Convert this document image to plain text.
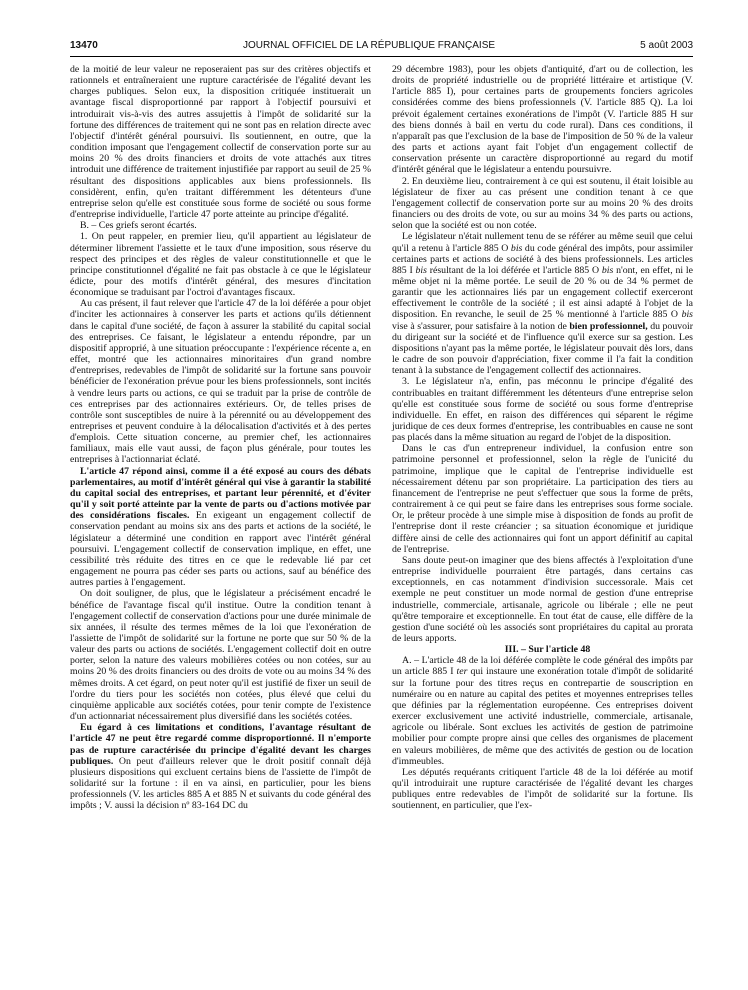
13470	JOURNAL OFFICIEL DE LA RÉPUBLIQUE FRANÇAISE	5 août 2003

de la moitié de leur valeur ne reposeraient pas sur des critères objectifs et rationnels et entraîneraient une rupture caractérisée de l'égalité devant les charges publiques. Selon eux, la disposition critiquée instituerait un avantage fiscal disproportionné par rapport à l'objectif poursuivi et introduirait vis-à-vis des autres assujettis à l'impôt de solidarité sur la fortune des différences de traitement qui ne sont pas en relation directe avec l'objectif d'intérêt général poursuivi. Ils soutiennent, en outre, que la condition imposant que l'engagement collectif de conservation porte sur au moins 20 % des droits financiers et droits de vote attachés aux titres introduit une différence de traitement injustifiée par rapport au seuil de 25 % résultant des dispositions applicables aux biens professionnels. Ils considèrent, enfin, qu'en traitant différemment les détenteurs d'une entreprise selon qu'elle est constituée sous forme de société ou sous forme d'entreprise individuelle, l'article 47 porte atteinte au principe d'égalité.

B. – Ces griefs seront écartés.

1. On peut rappeler, en premier lieu, qu'il appartient au législateur de déterminer librement l'assiette et le taux d'une imposition, sous réserve du respect des principes et des règles de valeur constitutionnelle et que le principe constitutionnel d'égalité ne fait pas obstacle à ce que le législateur édicte, pour des motifs d'intérêt général, des mesures d'incitation économique se traduisant par l'octroi d'avantages fiscaux.

Au cas présent, il faut relever que l'article 47 de la loi déférée a pour objet d'inciter les actionnaires à conserver les parts et actions qu'ils détiennent dans le capital d'une société, de façon à assurer la stabilité du capital social des entreprises. Ce faisant, le législateur a entendu répondre, par un dispositif approprié, à une situation préoccupante : l'expérience récente a, en effet, montré que les actionnaires minoritaires d'un grand nombre d'entreprises, redevables de l'impôt de solidarité sur la fortune sans pouvoir bénéficier de l'exonération prévue pour les biens professionnels, sont incités à vendre leurs parts ou actions, ce qui se traduit par la prise de contrôle de ces entreprises par des actionnaires extérieurs. Or, de telles prises de contrôle sont susceptibles de nuire à la pérennité ou au développement des entreprises et peuvent conduire à la délocalisation d'activités et à des pertes d'emplois. Cette situation concerne, au premier chef, les actionnaires familiaux, mais elle vaut aussi, de façon plus générale, pour toutes les entreprises à l'actionnariat éclaté.

L'article 47 répond ainsi, comme il a été exposé au cours des débats parlementaires, au motif d'intérêt général qui vise à garantir la stabilité du capital social des entreprises, et partant leur pérennité, et d'éviter qu'il y soit porté atteinte par la vente de parts ou d'actions motivée par des considérations fiscales. En exigeant un engagement collectif de conservation pendant au moins six ans des parts et actions de la société, le législateur a déterminé une condition en rapport avec l'intérêt général poursuivi. L'engagement collectif de conservation implique, en effet, une cessibilité très réduite des titres en ce que le redevable lié par cet engagement ne pourra pas céder ses parts ou actions, sauf au bénéfice des autres parties à l'engagement.

On doit souligner, de plus, que le législateur a précisément encadré le bénéfice de l'avantage fiscal qu'il institue. Outre la condition tenant à l'engagement collectif de conservation d'actions pour une durée minimale de six années, il résulte des termes mêmes de la loi que l'exonération de l'assiette de l'impôt de solidarité sur la fortune ne porte que sur 50 % de la valeur des parts ou actions de sociétés. L'engagement collectif doit en outre porter, selon la nature des valeurs mobilières cotées ou non cotées, sur au moins 20 % des droits financiers ou des droits de vote ou au moins 34 % des mêmes droits. A cet égard, on peut noter qu'il est justifié de fixer un seuil de l'ordre du tiers pour les sociétés non cotées, plus élevé que celui du cinquième applicable aux sociétés cotées, pour tenir compte de l'existence d'un actionnariat nécessairement plus diversifié dans les sociétés cotées.

Eu égard à ces limitations et conditions, l'avantage résultant de l'article 47 ne peut être regardé comme disproportionné. Il n'emporte pas de rupture caractérisée du principe d'égalité devant les charges publiques. On peut d'ailleurs relever que le droit positif connaît déjà plusieurs dispositions qui excluent certains biens de l'assiette de l'impôt de solidarité sur la fortune : il en va ainsi, en particulier, pour les biens professionnels (V. les articles 885 A et 885 N et suivants du code général des impôts ; V. aussi la décision nº 83-164 DC du

29 décembre 1983), pour les objets d'antiquité, d'art ou de collection, les droits de propriété industrielle ou de propriété littéraire et artistique (V. l'article 885 I), pour certaines parts de groupements fonciers agricoles considérées comme des biens professionnels (V. l'article 885 Q). La loi prévoit également certaines exonérations de l'impôt (V. l'article 885 H sur des biens donnés à bail en vertu du code rural). Dans ces conditions, il n'apparaît pas que l'exclusion de la base de l'imposition de 50 % de la valeur des parts et actions ayant fait l'objet d'un engagement collectif de conservation présente un caractère disproportionné au regard du motif d'intérêt général que le législateur a entendu poursuivre.

2. En deuxième lieu, contrairement à ce qui est soutenu, il était loisible au législateur de fixer au cas présent une condition tenant à ce que l'engagement collectif de conservation porte sur au moins 20 % des droits financiers ou des droits de vote, ou sur au moins 34 % des parts ou actions, selon que la société est ou non cotée.

Le législateur n'était nullement tenu de se référer au même seuil que celui qu'il a retenu à l'article 885 O bis du code général des impôts, pour assimiler certaines parts et actions de société à des biens professionnels. Les articles 885 I bis résultant de la loi déférée et l'article 885 O bis n'ont, en effet, ni le même objet ni la même portée. Le seuil de 20 % ou de 34 % permet de garantir que les actionnaires liés par un engagement collectif exerceront effectivement le contrôle de la société ; il est ainsi adapté à l'objet de la disposition. En revanche, le seuil de 25 % mentionné à l'article 885 O bis vise à s'assurer, pour satisfaire à la notion de bien professionnel, du pouvoir du dirigeant sur la société et de l'influence qu'il exerce sur sa gestion. Les dispositions n'ayant pas la même portée, le législateur pouvait dès lors, dans le cadre de son pouvoir d'appréciation, fixer comme il l'a fait la condition tenant à la substance de l'engagement collectif des actionnaires.

3. Le législateur n'a, enfin, pas méconnu le principe d'égalité des contribuables en traitant différemment les détenteurs d'une entreprise selon qu'elle est constituée sous forme de société ou sous forme d'entreprise individuelle. En effet, en raison des différences qui séparent le régime juridique de ces deux formes d'entreprise, les contribuables en cause ne sont pas placés dans la même situation au regard de l'objet de la disposition.

Dans le cas d'un entrepreneur individuel, la confusion entre son patrimoine personnel et professionnel, selon la règle de l'unicité du patrimoine, implique que le capital de l'entreprise individuelle est nécessairement détenu par son propriétaire. La participation des tiers au financement de l'entreprise ne peut s'effectuer que sous la forme de prêts, contrairement à ce qui peut se faire dans les entreprises sous forme sociale. Or, le prêteur procède à une simple mise à disposition de fonds au profit de l'entreprise dont il reste créancier ; sa situation économique et juridique diffère ainsi de celle des actionnaires qui font un apport définitif au capital de l'entreprise.

Sans doute peut-on imaginer que des biens affectés à l'exploitation d'une entreprise individuelle pourraient être partagés, dans certains cas exceptionnels, en cas notamment d'indivision successorale. Mais cet exemple ne peut constituer un mode normal de gestion d'une entreprise industrielle, commerciale, artisanale, agricole ou libérale ; elle ne peut qu'être temporaire et exceptionnelle. En tout état de cause, elle diffère de la gestion d'une société où les associés sont propriétaires du capital au prorata de leurs apports.

III. – Sur l'article 48

A. – L'article 48 de la loi déférée complète le code général des impôts par un article 885 I ter qui instaure une exonération totale d'impôt de solidarité sur la fortune pour des titres reçus en contrepartie de souscription en numéraire ou en nature au capital des petites et moyennes entreprises telles que définies par la réglementation européenne. Ces entreprises doivent exercer exclusivement une activité industrielle, commerciale, artisanale, agricole ou libérale. Sont exclues les activités de gestion de patrimoine mobilier pour compte propre ainsi que celles des organismes de placement en valeurs mobilières, de même que des activités de gestion ou de location d'immeubles.

Les députés requérants critiquent l'article 48 de la loi déférée au motif qu'il introduirait une rupture caractérisée de l'égalité devant les charges publiques entre redevables de l'impôt de solidarité sur la fortune. Ils soutiennent, en particulier, que l'ex-
